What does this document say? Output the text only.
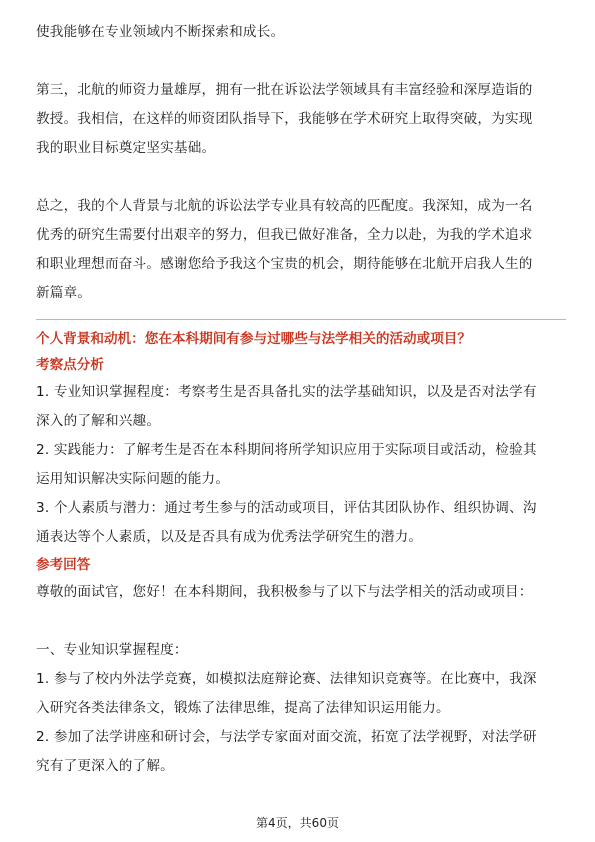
使我能够在专业领域内不断探索和成长。

第三，北航的师资力量雄厚，拥有一批在诉讼法学领域具有丰富经验和深厚造诣的

教授。我相信，在这样的师资团队指导下，我能够在学术研究上取得突破，为实现

我的职业目标奠定坚实基础。

总之，我的个人背景与北航的诉讼法学专业具有较高的匹配度。我深知，成为一名

优秀的研究生需要付出艰辛的努力，但我已做好准备，全力以赴，为我的学术追求

和职业理想而奋斗。感谢您给予我这个宝贵的机会，期待能够在北航开启我人生的

新篇章。

个人背景和动机：您在本科期间有参与过哪些与法学相关的活动或项目？

考察点分析

1. 专业知识掌握程度：考察考生是否具备扎实的法学基础知识，以及是否对法学有

深入的了解和兴趣。

2. 实践能力：了解考生是否在本科期间将所学知识应用于实际项目或活动，检验其

运用知识解决实际问题的能力。

3. 个人素质与潜力：通过考生参与的活动或项目，评估其团队协作、组织协调、沟

通表达等个人素质，以及是否具有成为优秀法学研究生的潜力。

参考回答

尊敬的面试官，您好！在本科期间，我积极参与了以下与法学相关的活动或项目：

一、专业知识掌握程度：

1. 参与了校内外法学竞赛，如模拟法庭辩论赛、法律知识竞赛等。在比赛中，我深

入研究各类法律条文，锻炼了法律思维，提高了法律知识运用能力。

2. 参加了法学讲座和研讨会，与法学专家面对面交流，拓宽了法学视野，对法学研

究有了更深入的了解。

第4页，共60页
